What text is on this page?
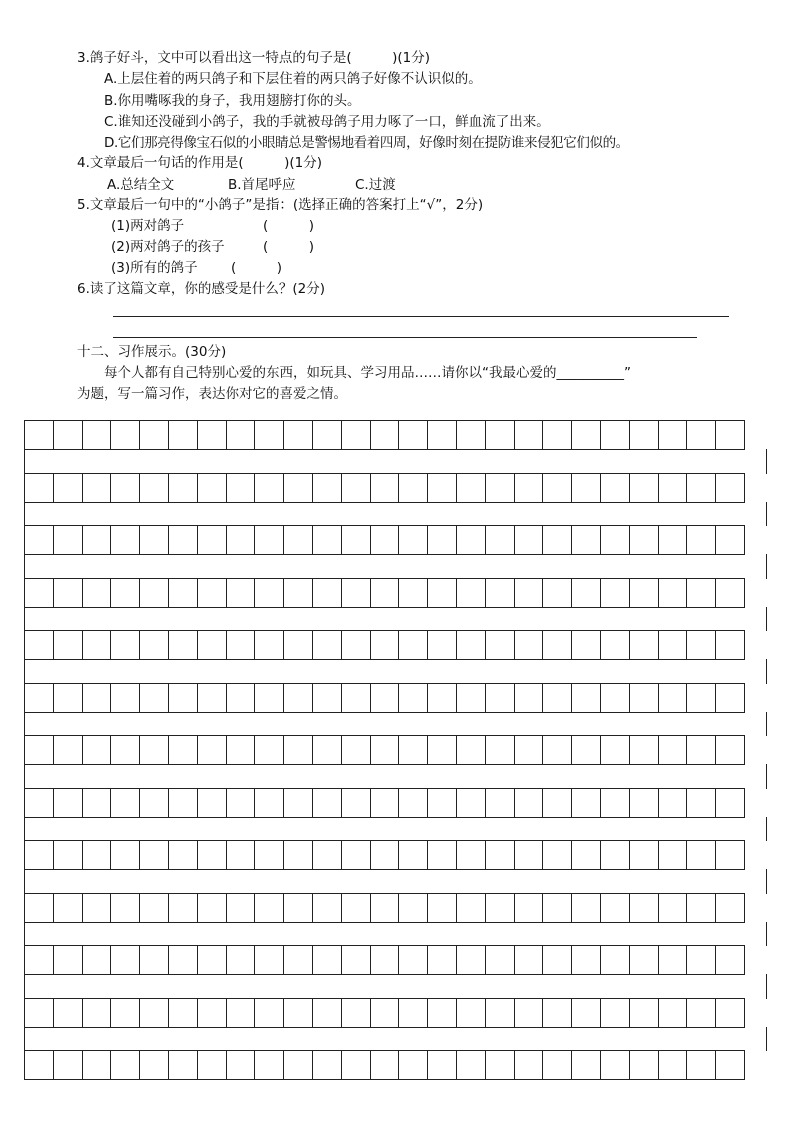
3.鸽子好斗，文中可以看出这一特点的句子是(　　　)(1分)
A.上层住着的两只鸽子和下层住着的两只鸽子好像不认识似的。
B.你用嘴啄我的身子，我用翅膀打你的头。
C.谁知还没碰到小鸽子，我的手就被母鸽子用力啄了一口，鲜血流了出来。
D.它们那亮得像宝石似的小眼睛总是警惕地看着四周，好像时刻在提防谁来侵犯它们似的。
4.文章最后一句话的作用是(　　　)(1分)
A.总结全文	B.首尾呼应	C.过渡
5.文章最后一句中的“小鸽子”是指：(选择正确的答案打上“√”，2分)
(1)两对鸽子	(　　　)
(2)两对鸽子的孩子	(　　　)
(3)所有的鸽子 (　　　)
6.读了这篇文章，你的感受是什么？(2分)
十二、习作展示。(30分)
每个人都有自己特别心爱的东西，如玩具、学习用品……请你以“我最心爱的__________”
为题，写一篇习作，表达你对它的喜爱之情。
